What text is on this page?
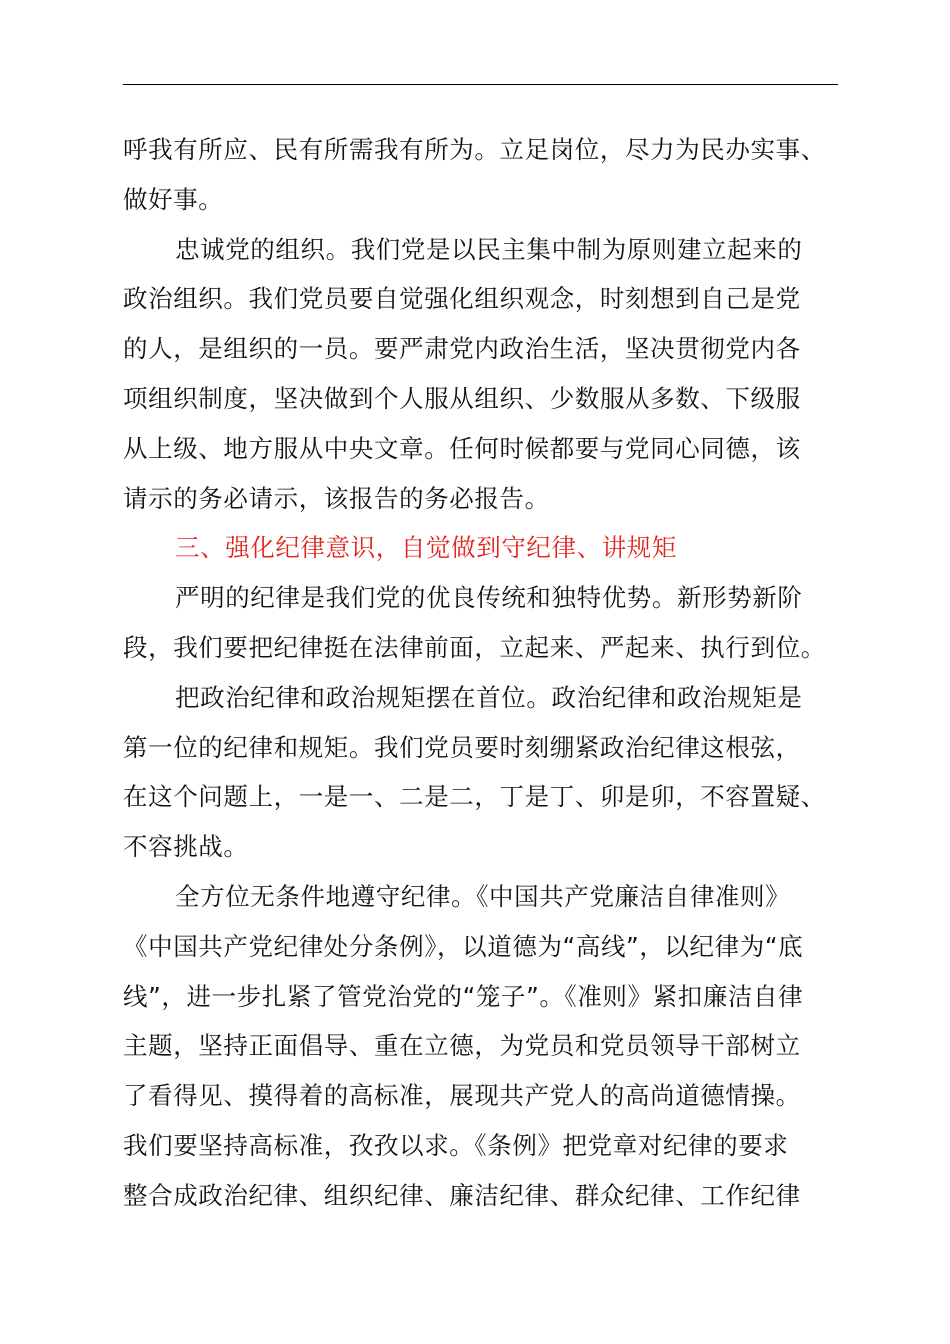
呼我有所应、民有所需我有所为。立足岗位，尽力为民办实事、
做好事。
忠诚党的组织。我们党是以民主集中制为原则建立起来的
政治组织。我们党员要自觉强化组织观念，时刻想到自己是党
的人，是组织的一员。要严肃党内政治生活，坚决贯彻党内各
项组织制度，坚决做到个人服从组织、少数服从多数、下级服
从上级、地方服从中央文章。任何时候都要与党同心同德，该
请示的务必请示，该报告的务必报告。
三、强化纪律意识，自觉做到守纪律、讲规矩
严明的纪律是我们党的优良传统和独特优势。新形势新阶
段，我们要把纪律挺在法律前面，立起来、严起来、执行到位。
把政治纪律和政治规矩摆在首位。政治纪律和政治规矩是
第一位的纪律和规矩。我们党员要时刻绷紧政治纪律这根弦，
在这个问题上，一是一、二是二，丁是丁、卯是卯，不容置疑、
不容挑战。
全方位无条件地遵守纪律。《中国共产党廉洁自律准则》
《中国共产党纪律处分条例》，以道德为“高线”，以纪律为“底
线”，进一步扎紧了管党治党的“笼子”。《准则》紧扣廉洁自律
主题，坚持正面倡导、重在立德，为党员和党员领导干部树立
了看得见、摸得着的高标准，展现共产党人的高尚道德情操。
我们要坚持高标准，孜孜以求。《条例》把党章对纪律的要求
整合成政治纪律、组织纪律、廉洁纪律、群众纪律、工作纪律
